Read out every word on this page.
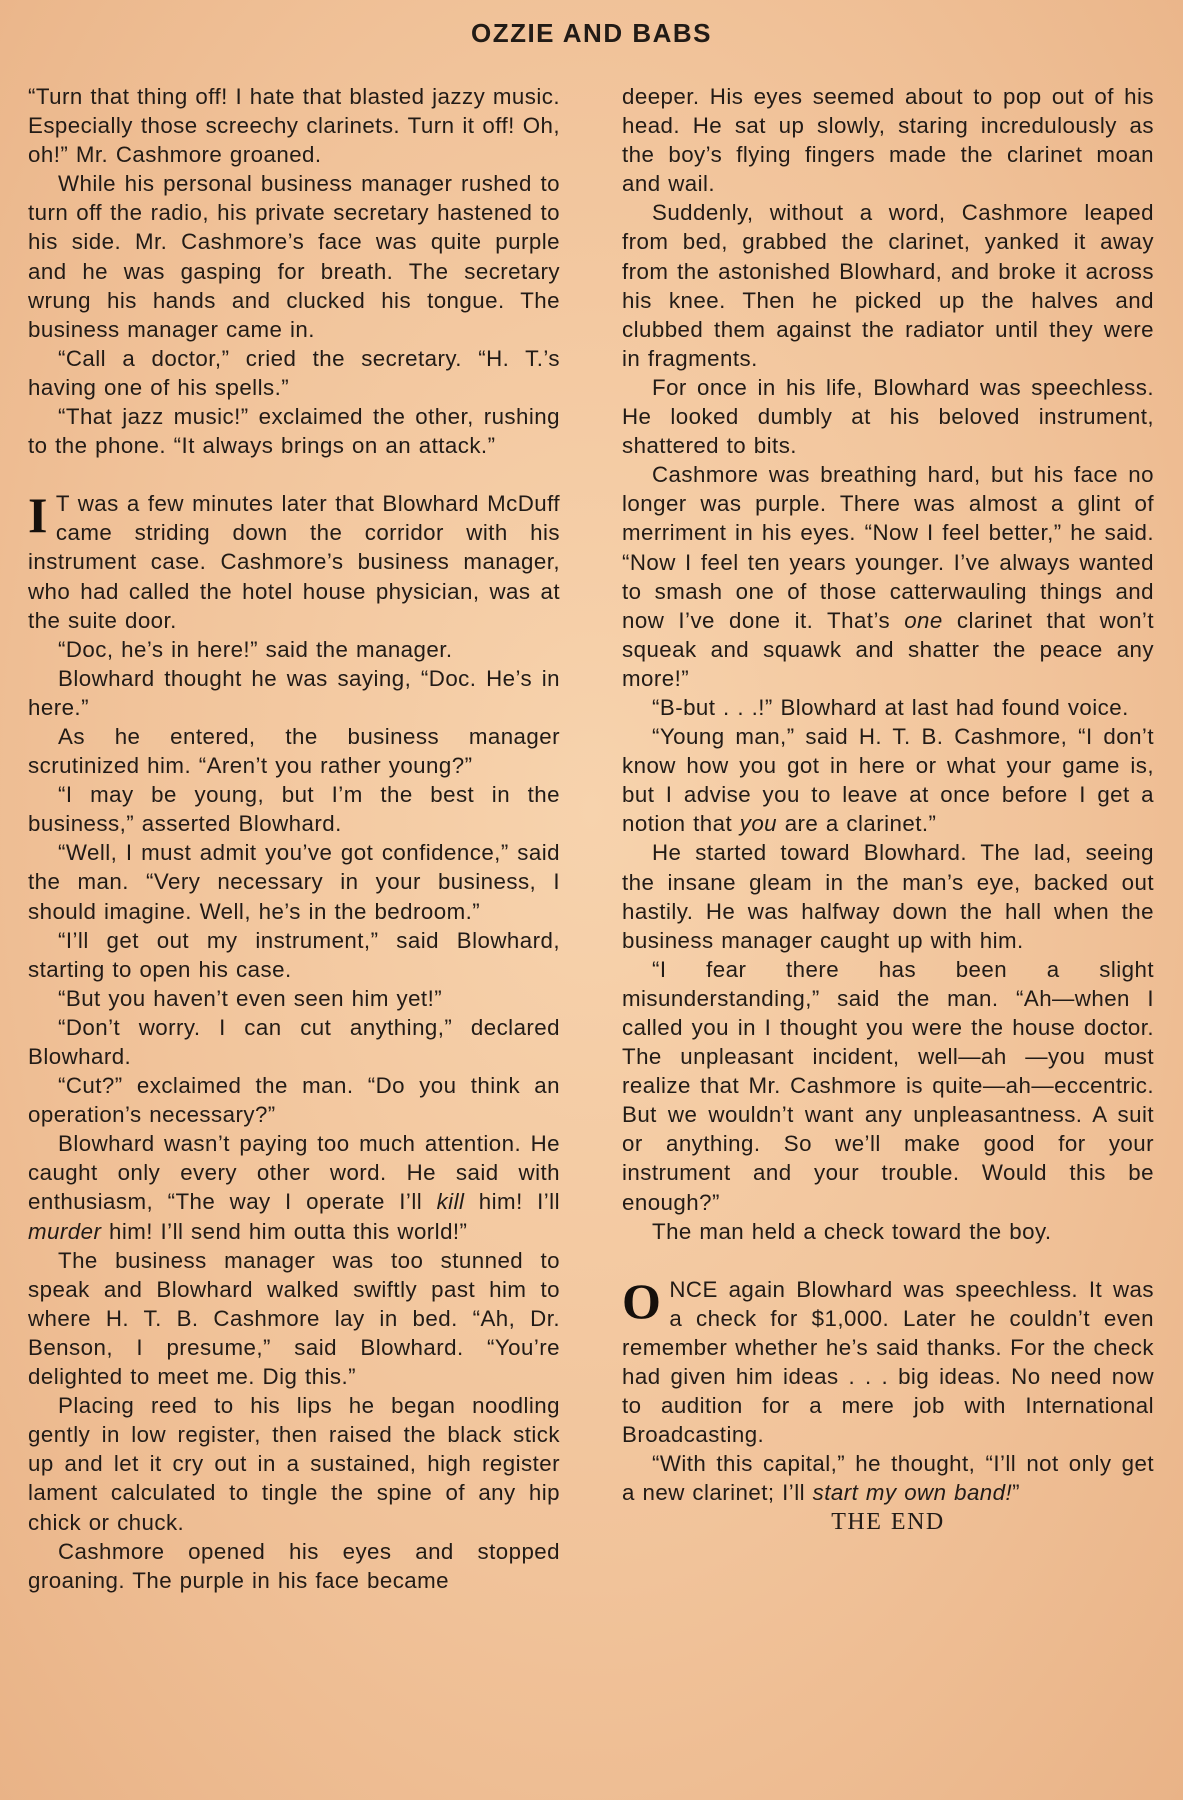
OZZIE AND BABS

“Turn that thing off! I hate that blasted jazzy music. Especially those screechy clarinets. Turn it off! Oh, oh!” Mr. Cashmore groaned.

While his personal business manager rushed to turn off the radio, his private secretary hastened to his side. Mr. Cashmore’s face was quite purple and he was gasping for breath. The secretary wrung his hands and clucked his tongue. The business manager came in.

“Call a doctor,” cried the secretary. “H. T.’s having one of his spells.”

“That jazz music!” exclaimed the other, rushing to the phone. “It always brings on an attack.”

I T was a few minutes later that Blowhard McDuff came striding down the corridor with his instrument case. Cashmore’s business manager, who had called the hotel house physician, was at the suite door.

“Doc, he’s in here!” said the manager.

Blowhard thought he was saying, “Doc. He’s in here.”

As he entered, the business manager scrutinized him. “Aren’t you rather young?”

“I may be young, but I’m the best in the business,” asserted Blowhard.

“Well, I must admit you’ve got confidence,” said the man. “Very necessary in your business, I should imagine. Well, he’s in the bedroom.”

“I’ll get out my instrument,” said Blowhard, starting to open his case.

“But you haven’t even seen him yet!”

“Don’t worry. I can cut anything,” declared Blowhard.

“Cut?” exclaimed the man. “Do you think an operation’s necessary?”

Blowhard wasn’t paying too much attention. He caught only every other word. He said with enthusiasm, “The way I operate I’ll kill him! I’ll murder him! I’ll send him outta this world!”

The business manager was too stunned to speak and Blowhard walked swiftly past him to where H. T. B. Cashmore lay in bed. “Ah, Dr. Benson, I presume,” said Blowhard. “You’re delighted to meet me. Dig this.”

Placing reed to his lips he began noodling gently in low register, then raised the black stick up and let it cry out in a sustained, high register lament calculated to tingle the spine of any hip chick or chuck.

Cashmore opened his eyes and stopped groaning. The purple in his face became

deeper. His eyes seemed about to pop out of his head. He sat up slowly, staring incredulously as the boy’s flying fingers made the clarinet moan and wail.

Suddenly, without a word, Cashmore leaped from bed, grabbed the clarinet, yanked it away from the astonished Blowhard, and broke it across his knee. Then he picked up the halves and clubbed them against the radiator until they were in fragments.

For once in his life, Blowhard was speechless. He looked dumbly at his beloved instrument, shattered to bits.

Cashmore was breathing hard, but his face no longer was purple. There was almost a glint of merriment in his eyes. “Now I feel better,” he said. “Now I feel ten years younger. I’ve always wanted to smash one of those catterwauling things and now I’ve done it. That’s one clarinet that won’t squeak and squawk and shatter the peace any more!”

“B-but . . .!” Blowhard at last had found voice.

“Young man,” said H. T. B. Cashmore, “I don’t know how you got in here or what your game is, but I advise you to leave at once before I get a notion that you are a clarinet.”

He started toward Blowhard. The lad, seeing the insane gleam in the man’s eye, backed out hastily. He was halfway down the hall when the business manager caught up with him.

“I fear there has been a slight misunderstanding,” said the man. “Ah—when I called you in I thought you were the house doctor. The unpleasant incident, well—ah —you must realize that Mr. Cashmore is quite—ah—eccentric. But we wouldn’t want any unpleasantness. A suit or anything. So we’ll make good for your instrument and your trouble. Would this be enough?”

The man held a check toward the boy.

ONCE again Blowhard was speechless. It was a check for $1,000. Later he couldn’t even remember whether he’s said thanks. For the check had given him ideas . . . big ideas. No need now to audition for a mere job with International Broadcasting.

“With this capital,” he thought, “I’ll not only get a new clarinet; I’ll start my own band!”

THE END
